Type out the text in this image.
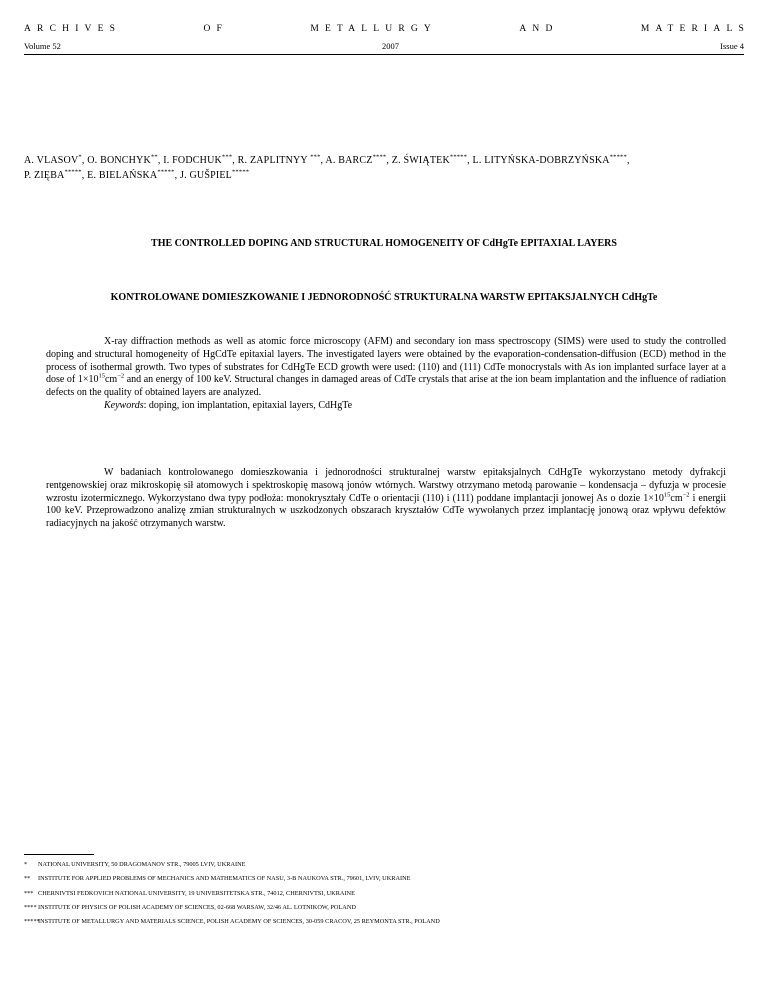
ARCHIVES	OF	METALLURGY	AND	MATERIALS
Volume 52	2007	Issue 4
A. VLASOV*, O. BONCHYK**, I. FODCHUK***, R. ZAPLITNYY ***, A. BARCZ****, Z. ŚWIĄTEK*****, L. LITYŃSKA-DOBRZYŃSKA*****,
P. ZIĘBA*****, E. BIELAŃSKA*****, J. GUŠPIEL*****
THE CONTROLLED DOPING AND STRUCTURAL HOMOGENEITY OF CdHgTe EPITAXIAL LAYERS
KONTROLOWANE DOMIESZKOWANIE I JEDNORODNOŚĆ STRUKTURALNA WARSTW EPITAKSJALNYCH CdHgTe

X-ray diffraction methods as well as atomic force microscopy (AFM) and secondary ion mass spectroscopy (SIMS) were used to study the controlled doping and structural homogeneity of HgCdTe epitaxial layers. The investigated layers were obtained by the evaporation-condensation-diffusion (ECD) method in the process of isothermal growth. Two types of substrates for CdHgTe ECD growth were used: (110) and (111) CdTe monocrystals with As ion implanted surface layer at a dose of $1\times 10^{15}cm^{-2}$ and an energy of 100 keV. Structural changes in damaged areas of CdTe crystals that arise at the ion beam implantation and the influence of radiation defects on the quality of obtained layers are analyzed.

Keywords: doping, ion implantation, epitaxial layers, CdHgTe

W badaniach kontrolowanego domieszkowania i jednorodności strukturalnej warstw epitaksjalnych CdHgTe wykorzystano metody dyfrakcji rentgenowskiej oraz mikroskopię sił atomowych i spektroskopię masową jonów wtórnych. Warstwy otrzymano metodą parowanie – kondensacja – dyfuzja w procesie wzrostu izotermicznego. Wykorzystano dwa typy podłoża: monokryształy CdTe o orientacji (110) i (111) poddane implantacji jonowej As o dozie $1\times 10^{15}cm^{-2}$ i energii 100 keV. Przeprowadzono analizę zmian strukturalnych w uszkodzonych obszarach kryształów CdTe wywołanych przez implantację jonową oraz wpływu defektów radiacyjnych na jakość otrzymanych warstw.

*	NATIONAL UNIVERSITY, 50 DRAGOMANOV STR., 79005 LVIV, UKRAINE
**	INSTITUTE FOR APPLIED PROBLEMS OF MECHANICS AND MATHEMATICS OF NASU, 3-B NAUKOVA STR., 79601, LVIV, UKRAINE
*** CHERNIVTSI FEDKOVICH NATIONAL UNIVERSITY, 19 UNIVERSITETSKA STR., 74012, CHERNIVTSI, UKRAINE
**** INSTITUTE OF PHYSICS OF POLISH ACADEMY OF SCIENCES, 02-668 WARSAW, 32/46 AL. LOTNIKOW, POLAND
*****
INSTITUTE OF METALLURGY AND MATERIALS SCIENCE, POLISH ACADEMY OF SCIENCES, 30-059 CRACOV, 25 REYMONTA STR., POLAND
